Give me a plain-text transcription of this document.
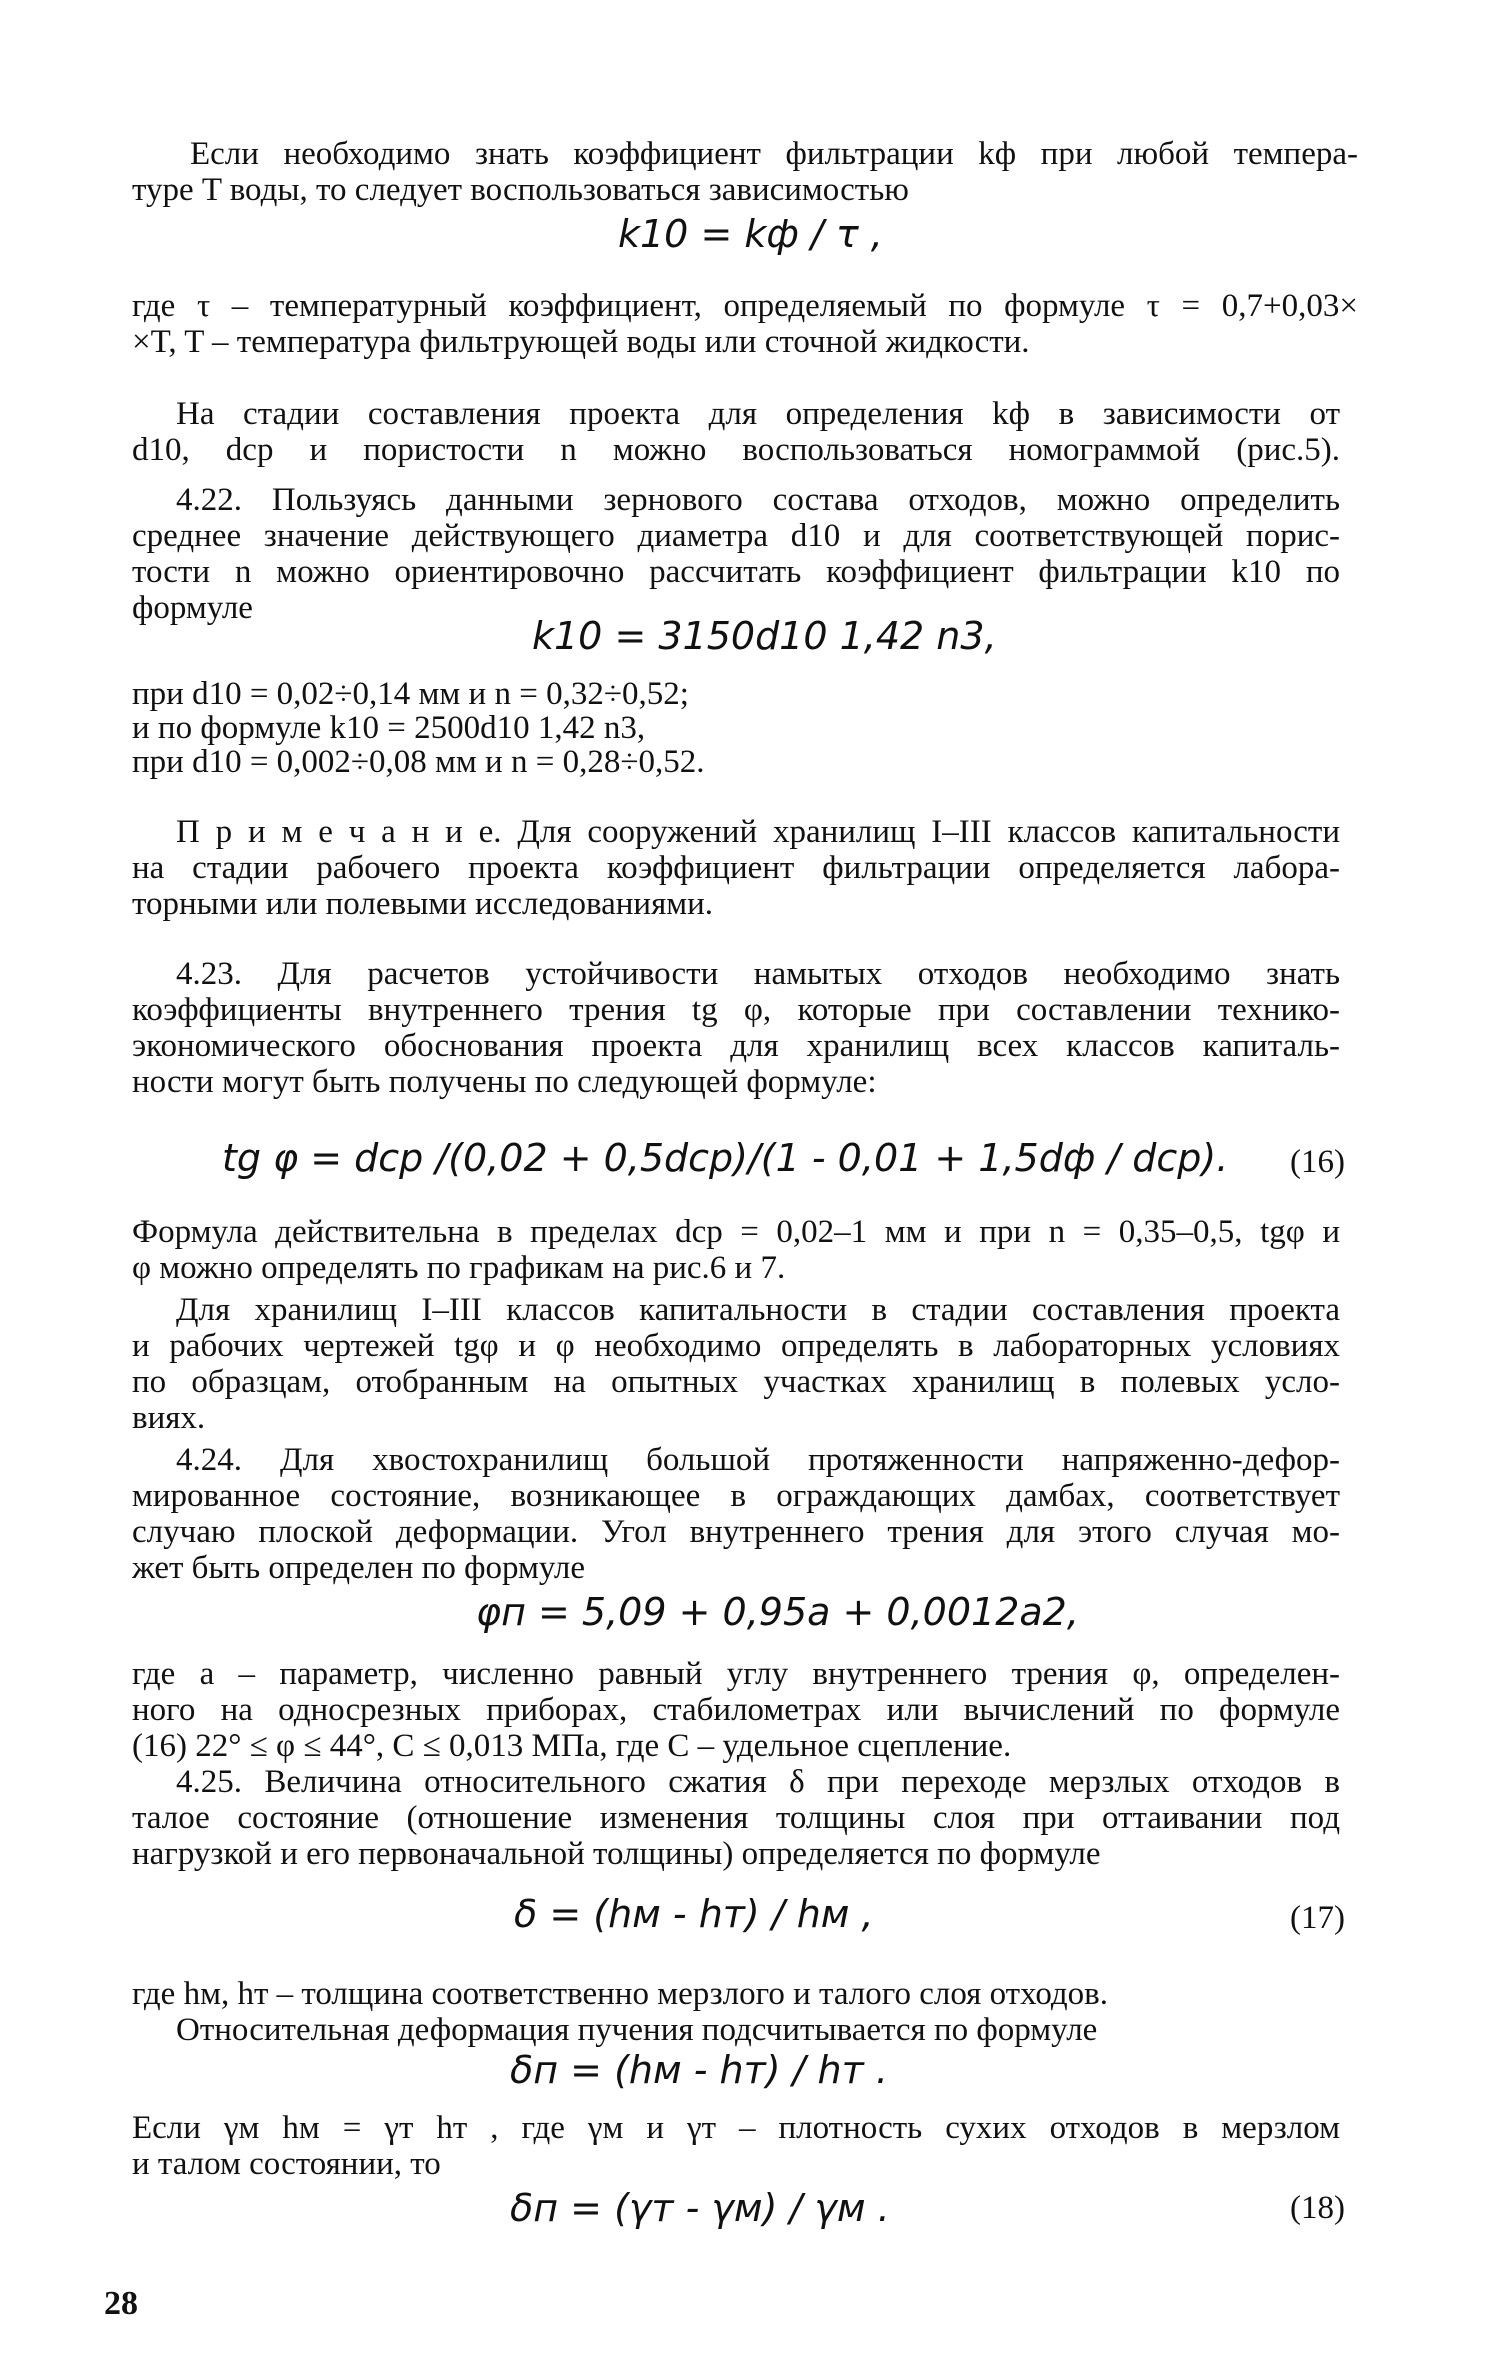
Если необходимо знать коэффициент фильтрации kф при любой темпера-
туре T воды, то следует воспользоваться зависимостью
k10 = kф / τ ,
где τ – температурный коэффициент, определяемый по формуле τ = 0,7+0,03×
×T, T – температура фильтрующей воды или сточной жидкости.
На стадии составления проекта для определения kф в зависимости от
d10, dср и пористости n можно воспользоваться номограммой (рис.5).
4.22. Пользуясь данными зернового состава отходов, можно определить
среднее значение действующего диаметра d10 и для соответствующей порис-
тости n можно ориентировочно рассчитать коэффициент фильтрации k10 по
формуле
k10 = 3150d10 1,42 n3,
при d10 = 0,02÷0,14 мм и n = 0,32÷0,52;
и по формуле k10 = 2500d10 1,42 n3,
при d10 = 0,002÷0,08 мм и n = 0,28÷0,52.
П р и м е ч а н и е. Для сооружений хранилищ I–III классов капитальности
на стадии рабочего проекта коэффициент фильтрации определяется лабора-
торными или полевыми исследованиями.
4.23. Для расчетов устойчивости намытых отходов необходимо знать
коэффициенты внутреннего трения tg φ, которые при составлении технико-
экономического обоснования проекта для хранилищ всех классов капиталь-
ности могут быть получены по следующей формуле:
tg φ = dср /(0,02 + 0,5dср)/(1 - 0,01 + 1,5dф / dср). (16)
Формула действительна в пределах dср = 0,02–1 мм и при n = 0,35–0,5, tgφ и
φ можно определять по графикам на рис.6 и 7.
Для хранилищ I–III классов капитальности в стадии составления проекта
и рабочих чертежей tgφ и φ необходимо определять в лабораторных условиях
по образцам, отобранным на опытных участках хранилищ в полевых усло-
виях.
4.24. Для хвостохранилищ большой протяженности напряженно-дефор-
мированное состояние, возникающее в ограждающих дамбах, соответствует
случаю плоской деформации. Угол внутреннего трения для этого случая мо-
жет быть определен по формуле
φп = 5,09 + 0,95a + 0,0012a2,
где a – параметр, численно равный углу внутреннего трения φ, определен-
ного на односрезных приборах, стабилометрах или вычислений по формуле
(16) 22° ≤ φ ≤ 44°, C ≤ 0,013 МПа, где C – удельное сцепление.
4.25. Величина относительного сжатия δ при переходе мерзлых отходов в
талое состояние (отношение изменения толщины слоя при оттаивании под
нагрузкой и его первоначальной толщины) определяется по формуле
δ = (hм - hт) / hм ,	(17)
где hм, hт – толщина соответственно мерзлого и талого слоя отходов.
Относительная деформация пучения подсчитывается по формуле
δп = (hм - hт) / hт .
Если γм hм = γт hт , где γм и γт – плотность сухих отходов в мерзлом
и талом состоянии, то
δп = (γт - γм) / γм .	(18)
28
